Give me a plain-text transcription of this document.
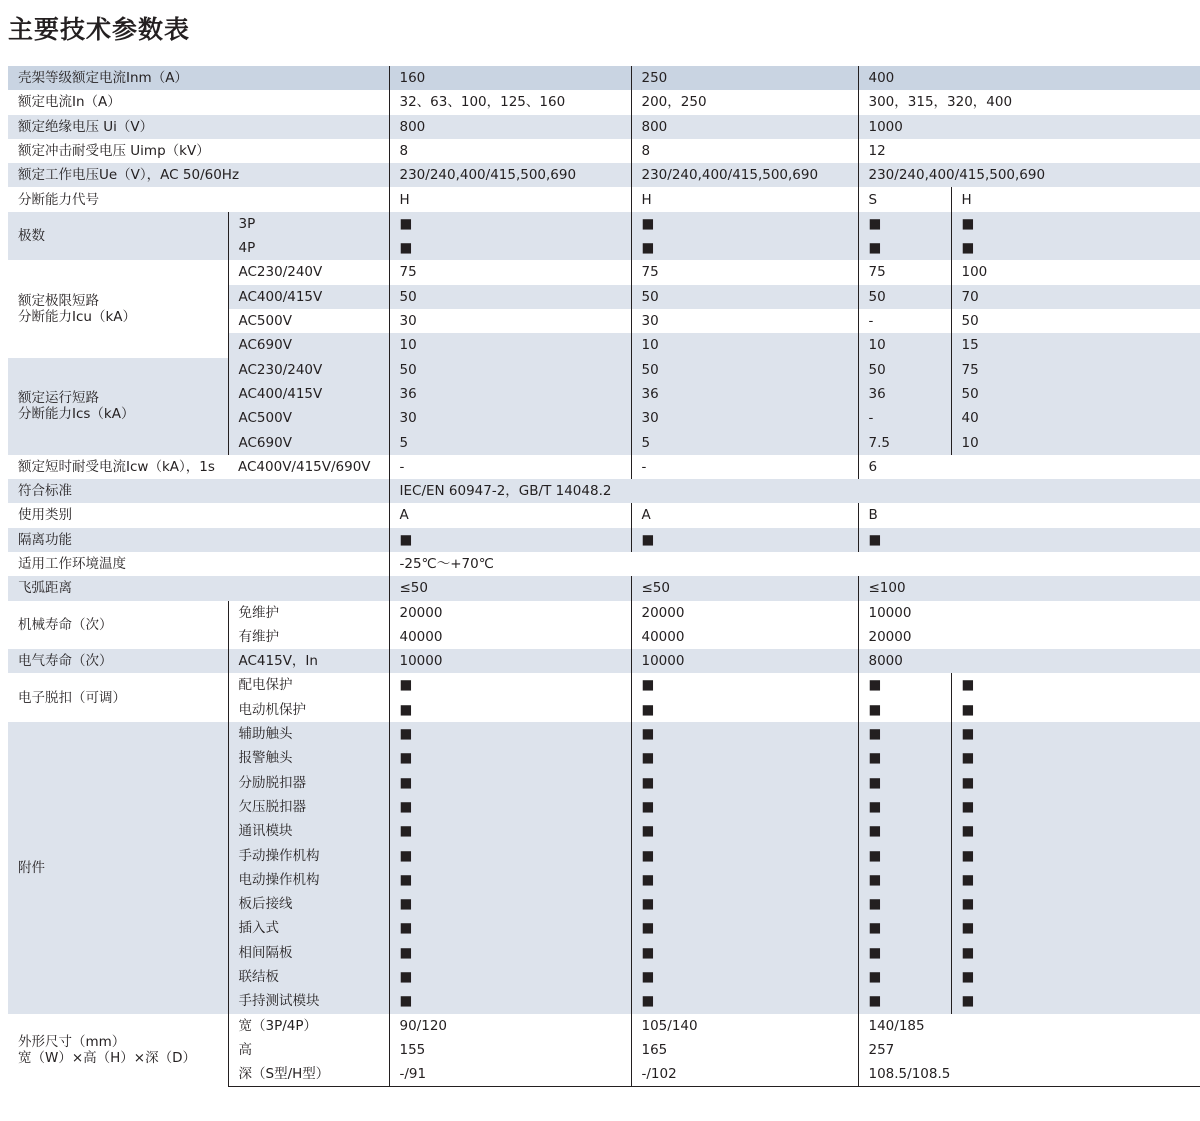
主要技术参数表
壳架等级额定电流Inm（A）		160	250	400	
额定电流In（A）		32、63、100，125、160	200，250	300，315，320，400	
额定绝缘电压 Ui（V）		800	800	1000	
额定冲击耐受电压 Uimp（kV）		8	8	12	
额定工作电压Ue（V），AC 50/60Hz		230/240,400/415,500,690	230/240,400/415,500,690	230/240,400/415,500,690	
分断能力代号		H	H	S	H
极数	3P	■	■	■	■
	4P	■	■	■	■

额定极限短路
分断能力Icu（kA）	AC230/240V	75	75	75	100
	AC400/415V	50	50	50	70
	AC500V	30	30	-	50
	AC690V	10	10	10	15

额定运行短路
分断能力Ics（kA）	AC230/240V	50	50	50	75
	AC400/415V	36	36	36	50
	AC500V	30	30	-	40
	AC690V	5	5	7.5	10
额定短时耐受电流Icw（kA），1s	AC400V/415V/690V	-	-	6	
符合标准		IEC/EN 60947-2，GB/T 14048.2			
使用类别		A	A	B	
隔离功能		■	■	■	
适用工作环境温度		-25℃～+70℃			
飞弧距离		≤50	≤50	≤100	
机械寿命（次）	免维护	20000	20000	10000	
	有维护	40000	40000	20000	
电气寿命（次）	AC415V，In	10000	10000	8000	
电子脱扣（可调）	配电保护	■	■	■	■
	电动机保护	■	■	■	■
附件	辅助触头	■	■	■	■
	报警触头	■	■	■	■
	分励脱扣器	■	■	■	■
	欠压脱扣器	■	■	■	■
	通讯模块	■	■	■	■
	手动操作机构	■	■	■	■
	电动操作机构	■	■	■	■
	板后接线	■	■	■	■
	插入式	■	■	■	■
	相间隔板	■	■	■	■
	联结板	■	■	■	■
	手持测试模块	■	■	■	■

外形尺寸（mm）
宽（W）×高（H）×深（D）	宽（3P/4P）	90/120	105/140	140/185	
	高	155	165	257	
	深（S型/H型）	-/91	-/102	108.5/108.5	
